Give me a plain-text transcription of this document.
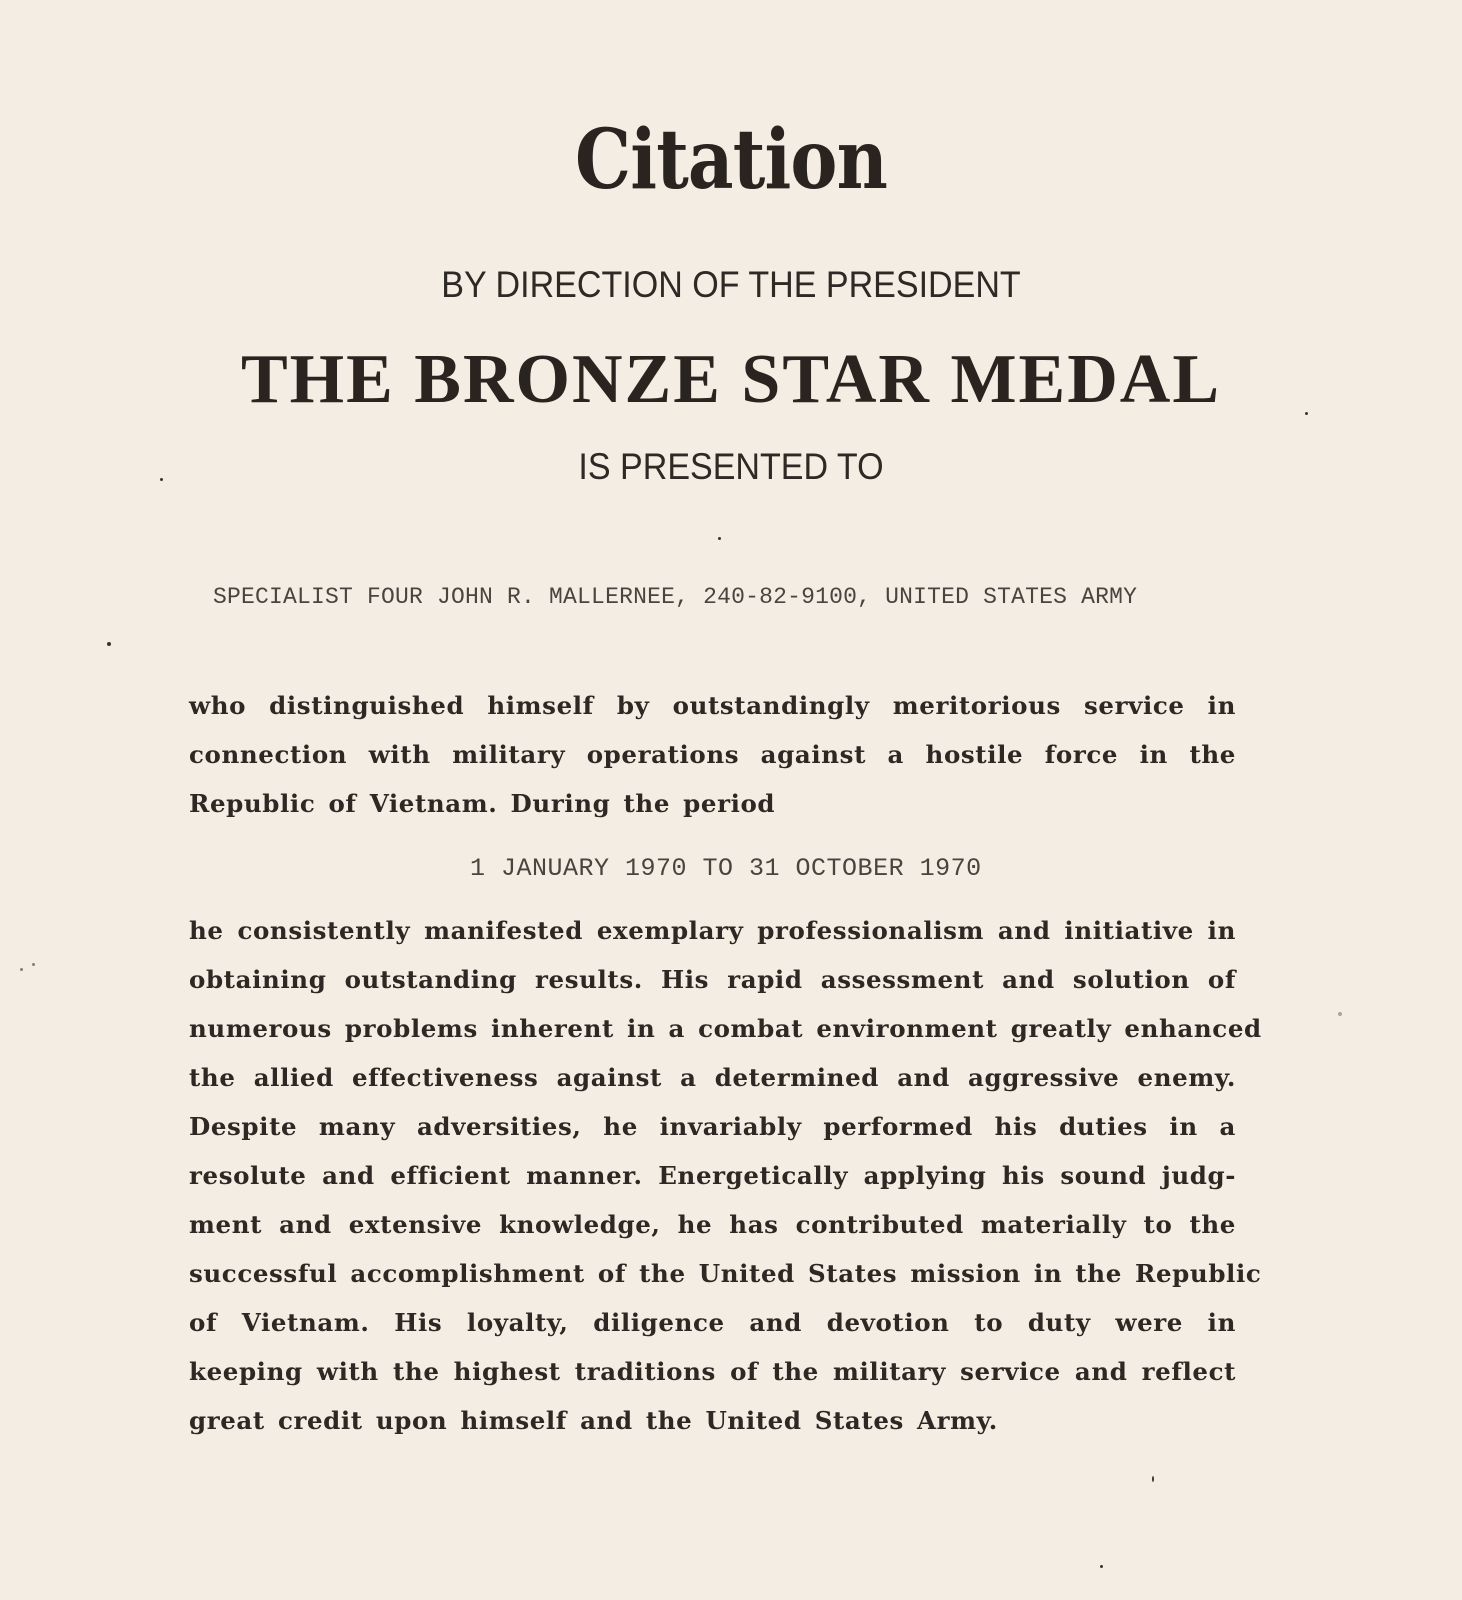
Citation
BY DIRECTION OF THE PRESIDENT
THE BRONZE STAR MEDAL
IS PRESENTED TO
SPECIALIST FOUR JOHN R. MALLERNEE, 240-82-9100, UNITED STATES ARMY
who distinguished himself by outstandingly meritorious service in
connection with military operations against a hostile force in the
Republic of Vietnam. During the period
1 JANUARY 1970 TO 31 OCTOBER 1970
he consistently manifested exemplary professionalism and initiative in
obtaining outstanding results. His rapid assessment and solution of
numerous problems inherent in a combat environment greatly enhanced
the allied effectiveness against a determined and aggressive enemy.
Despite many adversities, he invariably performed his duties in a
resolute and efficient manner. Energetically applying his sound judg-
ment and extensive knowledge, he has contributed materially to the
successful accomplishment of the United States mission in the Republic
of Vietnam. His loyalty, diligence and devotion to duty were in
keeping with the highest traditions of the military service and reflect
great credit upon himself and the United States Army.
